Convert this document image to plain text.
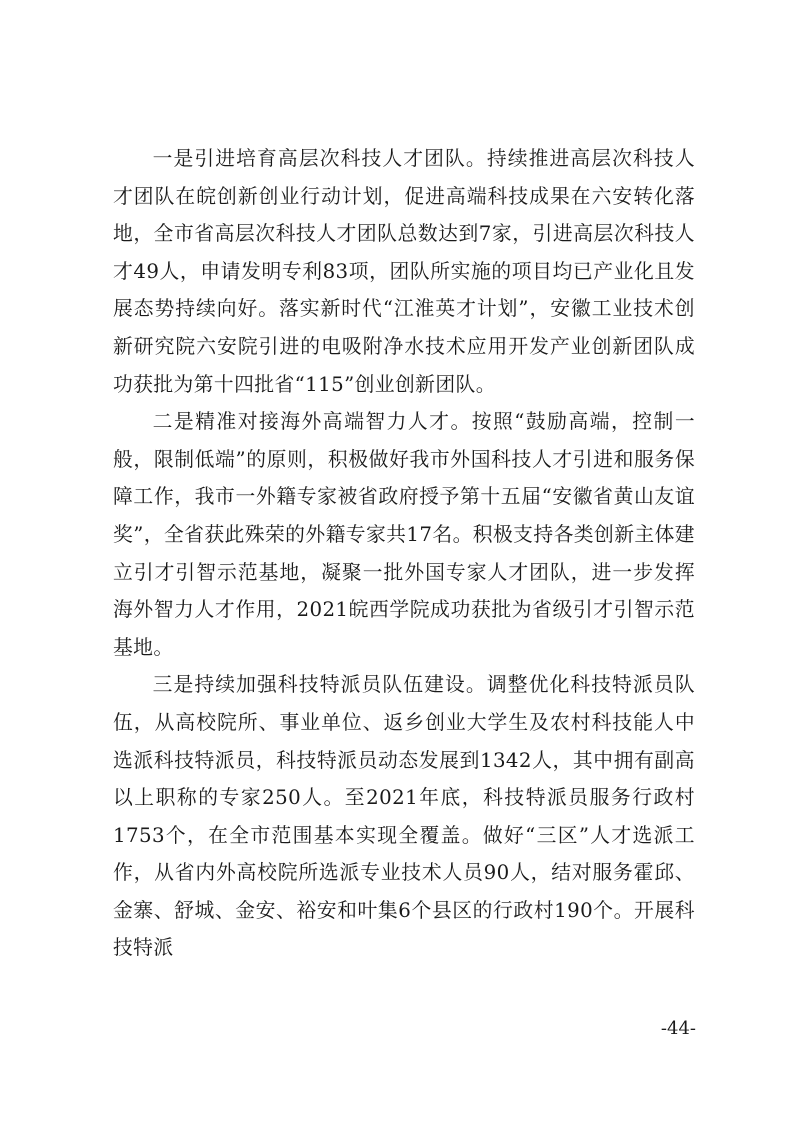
一是引进培育高层次科技人才团队。持续推进高层次科技人才团队在皖创新创业行动计划，促进高端科技成果在六安转化落地，全市省高层次科技人才团队总数达到7家，引进高层次科技人才49人，申请发明专利83项，团队所实施的项目均已产业化且发展态势持续向好。落实新时代“江淮英才计划”，安徽工业技术创新研究院六安院引进的电吸附净水技术应用开发产业创新团队成功获批为第十四批省“115”创业创新团队。

二是精准对接海外高端智力人才。按照“鼓励高端，控制一般，限制低端”的原则，积极做好我市外国科技人才引进和服务保障工作，我市一外籍专家被省政府授予第十五届“安徽省黄山友谊奖”，全省获此殊荣的外籍专家共17名。积极支持各类创新主体建立引才引智示范基地，凝聚一批外国专家人才团队，进一步发挥海外智力人才作用，2021皖西学院成功获批为省级引才引智示范基地。

三是持续加强科技特派员队伍建设。调整优化科技特派员队伍，从高校院所、事业单位、返乡创业大学生及农村科技能人中选派科技特派员，科技特派员动态发展到1342人，其中拥有副高以上职称的专家250人。至2021年底，科技特派员服务行政村1753个，在全市范围基本实现全覆盖。做好“三区”人才选派工作，从省内外高校院所选派专业技术人员90人，结对服务霍邱、金寨、舒城、金安、裕安和叶集6个县区的行政村190个。开展科技特派

-44-
